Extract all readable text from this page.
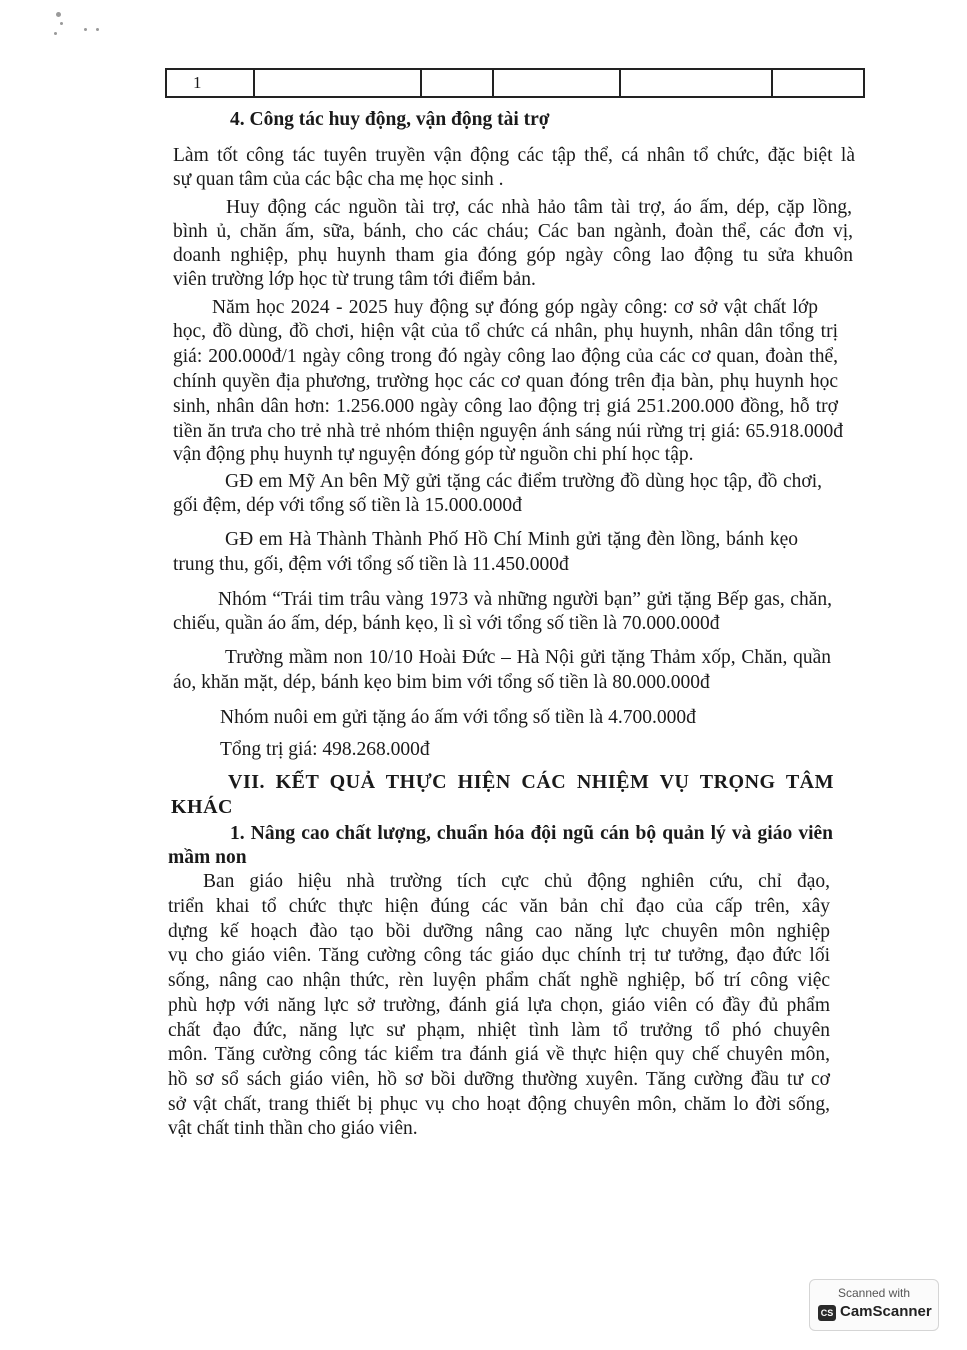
1					
4. Công tác huy động, vận động tài trợ
Làm tốt công tác tuyên truyền vận động các tập thể, cá nhân tổ chức, đặc biệt là
sự quan tâm của các bậc cha mẹ học sinh .
Huy động các nguồn tài trợ, các nhà hảo tâm tài trợ, áo ấm, dép, cặp lồng,
bình ủ, chăn ấm, sữa, bánh, cho các cháu; Các ban ngành, đoàn thể, các đơn vị,
doanh nghiệp, phụ huynh tham gia đóng góp ngày công lao động tu sửa khuôn
viên trường lớp học từ trung tâm tới điểm bản.
Năm học 2024 - 2025 huy động sự đóng góp ngày công: cơ sở vật chất lớp
học, đồ dùng, đồ chơi, hiện vật của tổ chức cá nhân, phụ huynh, nhân dân tổng trị
giá: 200.000đ/1 ngày công trong đó ngày công lao động của các cơ quan, đoàn thể,
chính quyền địa phương, trường học các cơ quan đóng trên địa bàn, phụ huynh học
sinh, nhân dân hơn: 1.256.000 ngày công lao động trị giá 251.200.000 đồng, hỗ trợ
tiền ăn trưa cho trẻ nhà trẻ nhóm thiện nguyện ánh sáng núi rừng trị giá: 65.918.000đ
vận động phụ huynh tự nguyện đóng góp từ nguồn chi phí học tập.
GĐ em Mỹ An bên Mỹ gửi tặng các điểm trường đồ dùng học tập, đồ chơi,
gối đệm, dép với tổng số tiền là 15.000.000đ
GĐ em Hà Thành Thành Phố Hồ Chí Minh gửi tặng đèn lồng, bánh kẹo
trung thu, gối, đệm với tổng số tiền là 11.450.000đ
Nhóm “Trái tim trâu vàng 1973 và những người bạn” gửi tặng Bếp gas, chăn,
chiếu, quần áo ấm, dép, bánh kẹo, lì sì với tổng số tiền là 70.000.000đ
Trường mầm non 10/10 Hoài Đức – Hà Nội gửi tặng Thảm xốp, Chăn, quần
áo, khăn mặt, dép, bánh kẹo bim bim với tổng số tiền là 80.000.000đ
Nhóm nuôi em gửi tặng áo ấm với tổng số tiền là 4.700.000đ
Tổng trị giá: 498.268.000đ
VII. KẾT QUẢ THỰC HIỆN CÁC NHIỆM VỤ TRỌNG TÂM
KHÁC
1. Nâng cao chất lượng, chuẩn hóa đội ngũ cán bộ quản lý và giáo viên
mầm non
Ban giáo hiệu nhà trường tích cực chủ động nghiên cứu, chỉ đạo,
triển khai tổ chức thực hiện đúng các văn bản chỉ đạo của cấp trên, xây
dựng kế hoạch đào tạo bồi dưỡng nâng cao năng lực chuyên môn nghiệp
vụ cho giáo viên. Tăng cường công tác giáo dục chính trị tư tưởng, đạo đức lối
sống, nâng cao nhận thức, rèn luyện phẩm chất nghề nghiệp, bố trí công việc
phù hợp với năng lực sở trường, đánh giá lựa chọn, giáo viên có đầy đủ phẩm
chất đạo đức, năng lực sư phạm, nhiệt tình làm tổ trưởng tổ phó chuyên
môn. Tăng cường công tác kiểm tra đánh giá về thực hiện quy chế chuyên môn,
hồ sơ sổ sách giáo viên, hồ sơ bồi dưỡng thường xuyên. Tăng cường đầu tư cơ
sở vật chất, trang thiết bị phục vụ cho hoạt động chuyên môn, chăm lo đời sống,
vật chất tinh thần cho giáo viên.
Scanned with
CS CamScanner
